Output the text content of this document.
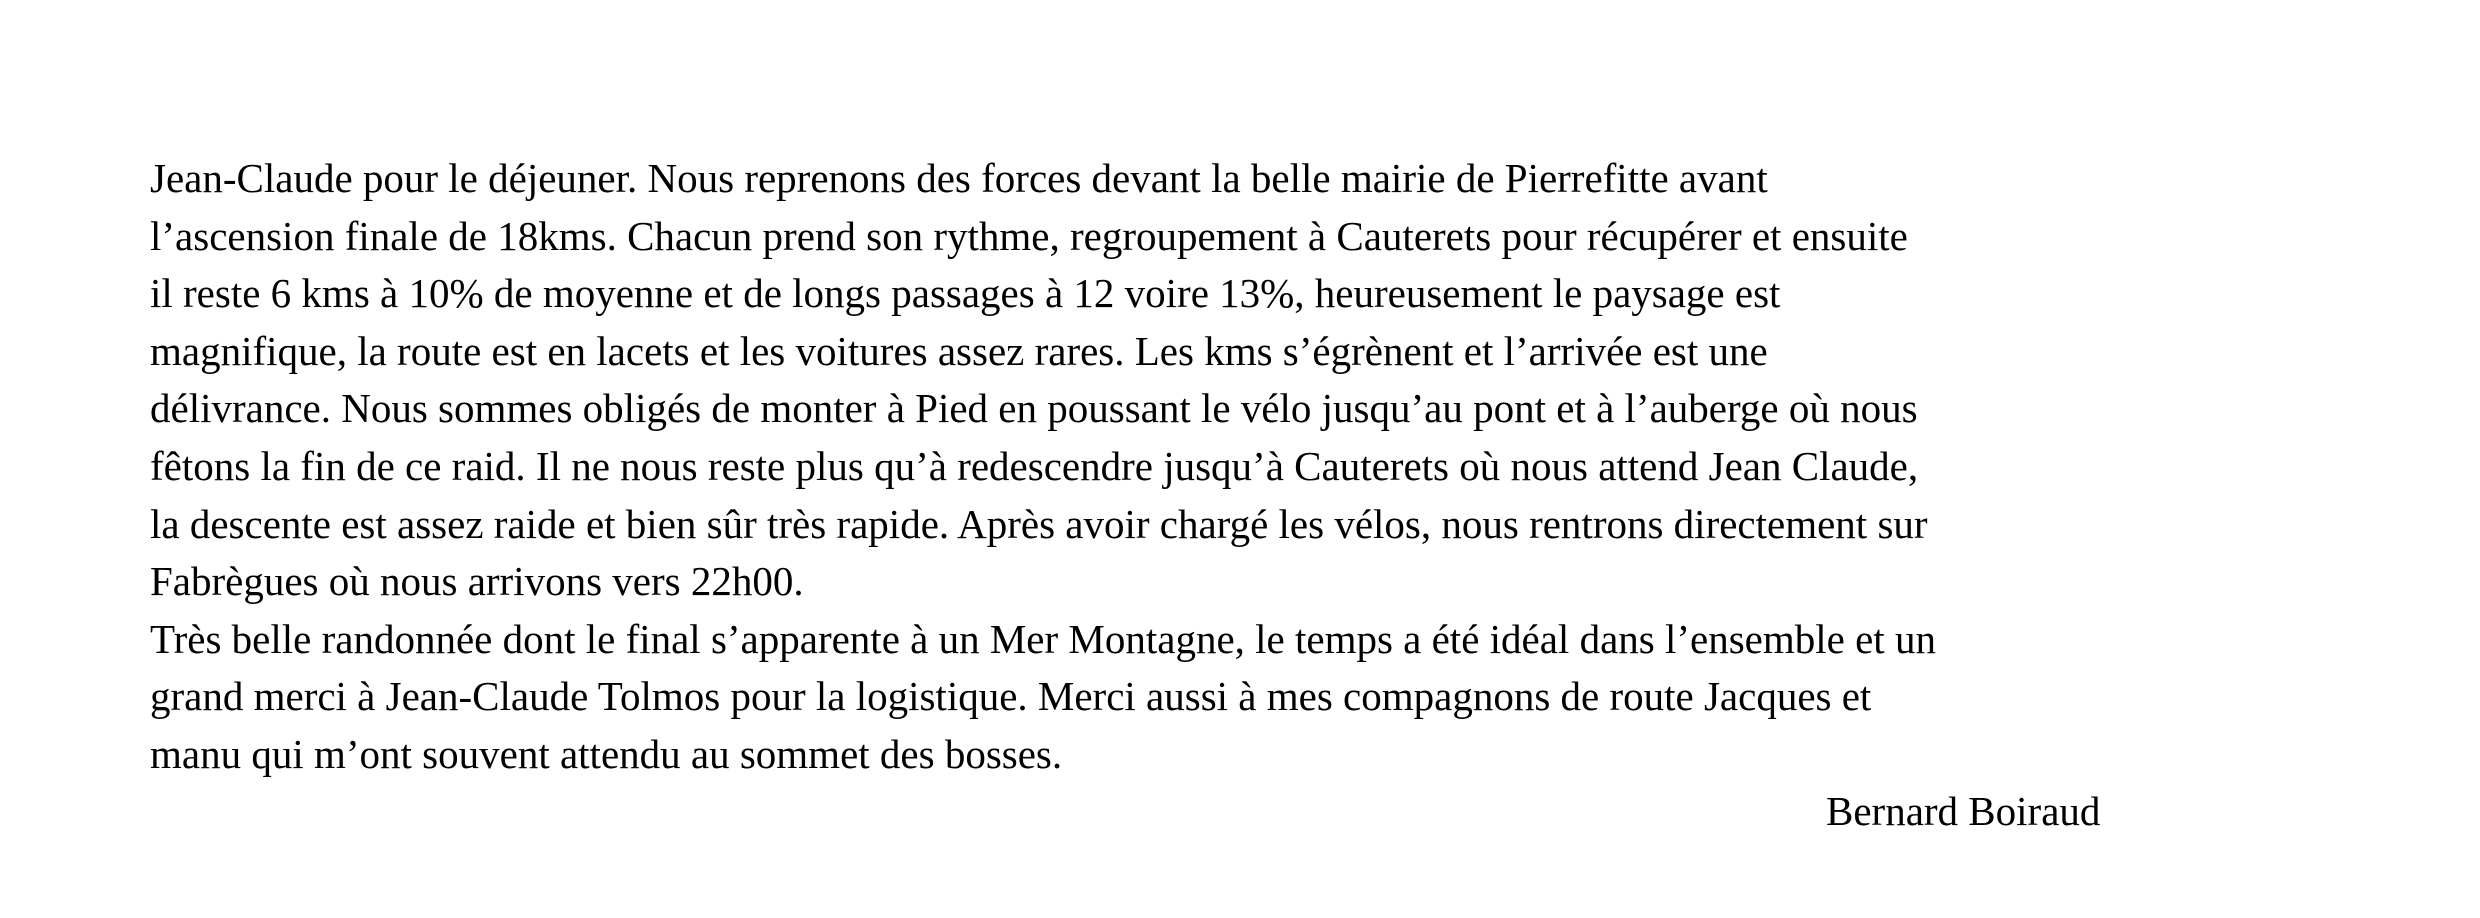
Jean-Claude pour le déjeuner. Nous reprenons des forces devant la belle mairie de Pierrefitte avant
l’ascension finale de 18kms. Chacun prend son rythme, regroupement à Cauterets pour récupérer et ensuite
il reste 6 kms à 10% de moyenne et de longs passages à 12 voire 13%, heureusement le paysage est
magnifique, la route est en lacets et les voitures assez rares. Les kms s’égrènent et l’arrivée est une
délivrance. Nous sommes obligés de monter à Pied en poussant le vélo jusqu’au pont et à l’auberge où nous
fêtons la fin de ce raid. Il ne nous reste plus qu’à redescendre jusqu’à Cauterets où nous attend Jean Claude,
la descente est assez raide et bien sûr très rapide. Après avoir chargé les vélos, nous rentrons directement sur
Fabrègues où nous arrivons vers 22h00.
Très belle randonnée dont le final s’apparente à un Mer Montagne, le temps a été idéal dans l’ensemble et un
grand merci à Jean-Claude Tolmos pour la logistique. Merci aussi à mes compagnons de route Jacques et
manu qui m’ont souvent attendu au sommet des bosses.
Bernard Boiraud
